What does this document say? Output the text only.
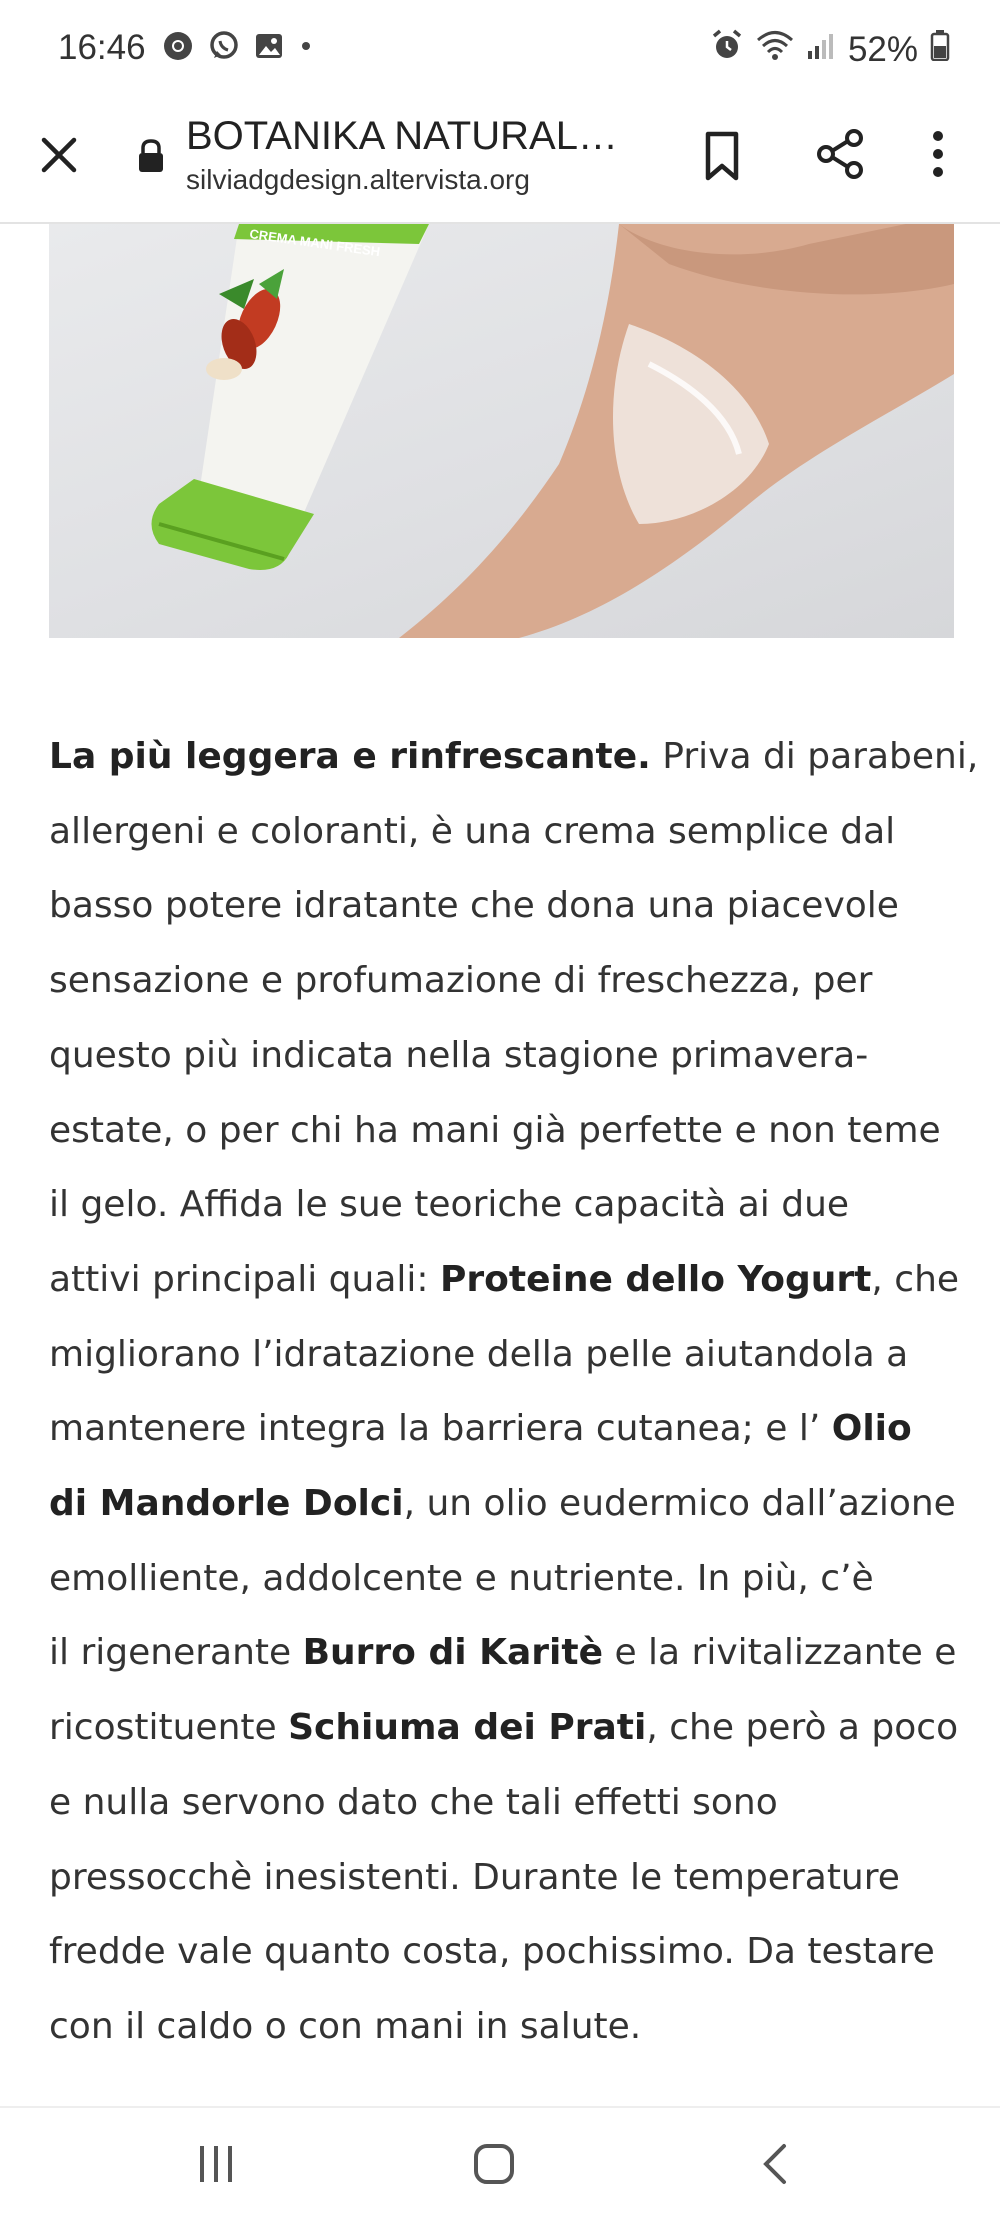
16:46	52%
BOTANIKA NATURAL…
silviadgdesign.altervista.org
CREMA MANI FRESH
La più leggera e rinfrescante. Priva di parabeni,
allergeni e coloranti, è una crema semplice dal
basso potere idratante che dona una piacevole
sensazione e profumazione di freschezza, per
questo più indicata nella stagione primavera-
estate, o per chi ha mani già perfette e non teme
il gelo. Affida le sue teoriche capacità ai due
attivi principali quali: Proteine dello Yogurt, che
migliorano l’idratazione della pelle aiutandola a
mantenere integra la barriera cutanea; e l’ Olio
di Mandorle Dolci, un olio eudermico dall’azione
emolliente, addolcente e nutriente. In più, c’è
il rigenerante Burro di Karitè e la rivitalizzante e
ricostituente Schiuma dei Prati, che però a poco
e nulla servono dato che tali effetti sono
pressocchè inesistenti. Durante le temperature
fredde vale quanto costa, pochissimo. Da testare
con il caldo o con mani in salute.
